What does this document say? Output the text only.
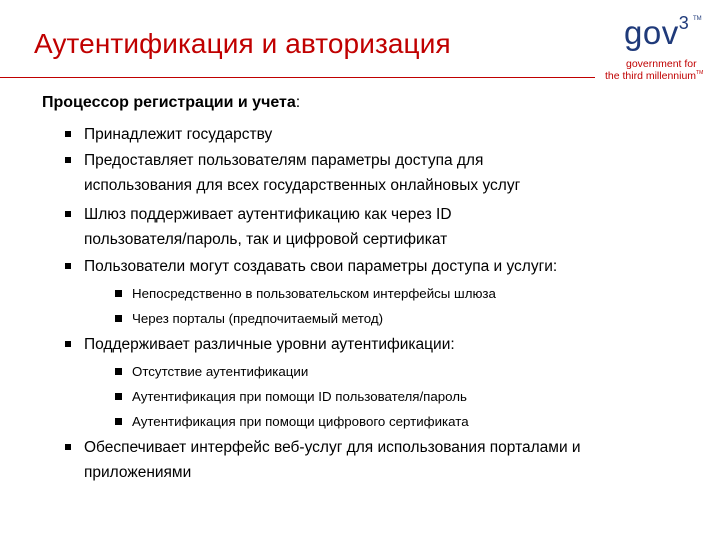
Аутентификация и авторизация	gov$^3$ TM
government for
the third millennium™
Процессор регистрации и учета:
Принадлежит государству
Предоставляет пользователям параметры доступа для использования для всех государственных онлайновых услуг
Шлюз поддерживает аутентификацию как через ID пользователя/пароль, так и цифровой сертификат
Пользователи могут создавать свои параметры доступа и услуги:
Непосредственно в пользовательском интерфейсы шлюза
Через порталы (предпочитаемый метод)
Поддерживает различные уровни аутентификации:
Отсутствие аутентификации
Аутентификация при помощи ID пользователя/пароль
Аутентификация при помощи цифрового сертификата
Обеспечивает интерфейс веб-услуг для использования порталами и приложениями
